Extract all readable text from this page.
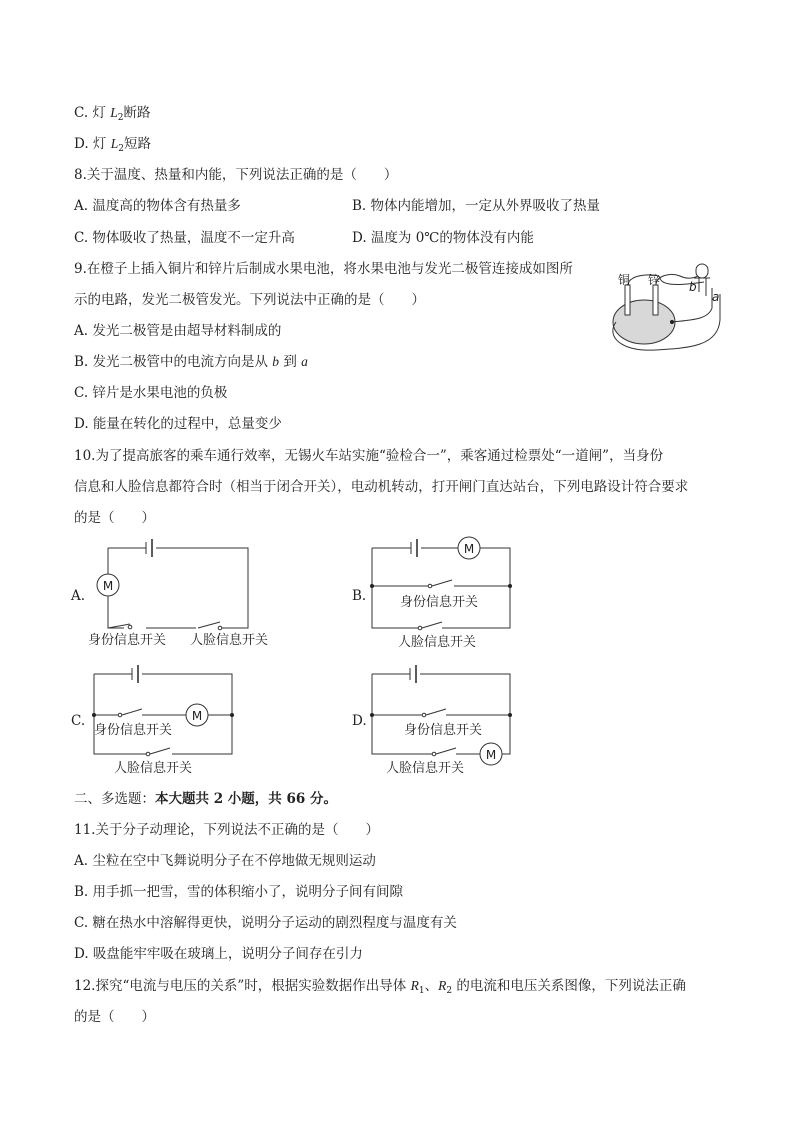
C. 灯 $L_2$断路
D. 灯 $L_2$短路
8.关于温度、热量和内能，下列说法正确的是（　　）
A. 温度高的物体含有热量多	B. 物体内能增加，一定从外界吸收了热量
C. 物体吸收了热量，温度不一定升高	D. 温度为 0℃的物体没有内能
9.在橙子上插入铜片和锌片后制成水果电池，将水果电池与发光二极管连接成如图所
示的电路，发光二极管发光。下列说法中正确的是（　　）
A. 发光二极管是由超导材料制成的
B. 发光二极管中的电流方向是从 b 到 a
C. 锌片是水果电池的负极
D. 能量在转化的过程中，总量变少
铜 锌 b
a
10.为了提高旅客的乘车通行效率，无锡火车站实施“验检合一”，乘客通过检票处“一道闸”，当身份
信息和人脸信息都符合时（相当于闭合开关），电动机转动，打开闸门直达站台，下列电路设计符合要求
的是（　　）
A.
M
身份信息开关 人脸信息开关
B.
M
身份信息开关
人脸信息开关
C.	M
身份信息开关
人脸信息开关
D.
M
身份信息开关
人脸信息开关
二、多选题：本大题共 2 小题，共 66 分。
11.关于分子动理论，下列说法不正确的是（　　）
A. 尘粒在空中飞舞说明分子在不停地做无规则运动
B. 用手抓一把雪，雪的体积缩小了，说明分子间有间隙
C. 糖在热水中溶解得更快，说明分子运动的剧烈程度与温度有关
D. 吸盘能牢牢吸在玻璃上，说明分子间存在引力
12.探究“电流与电压的关系”时，根据实验数据作出导体 $R_1$、$R_2$ 的电流和电压关系图像，下列说法正确
的是（　　）
